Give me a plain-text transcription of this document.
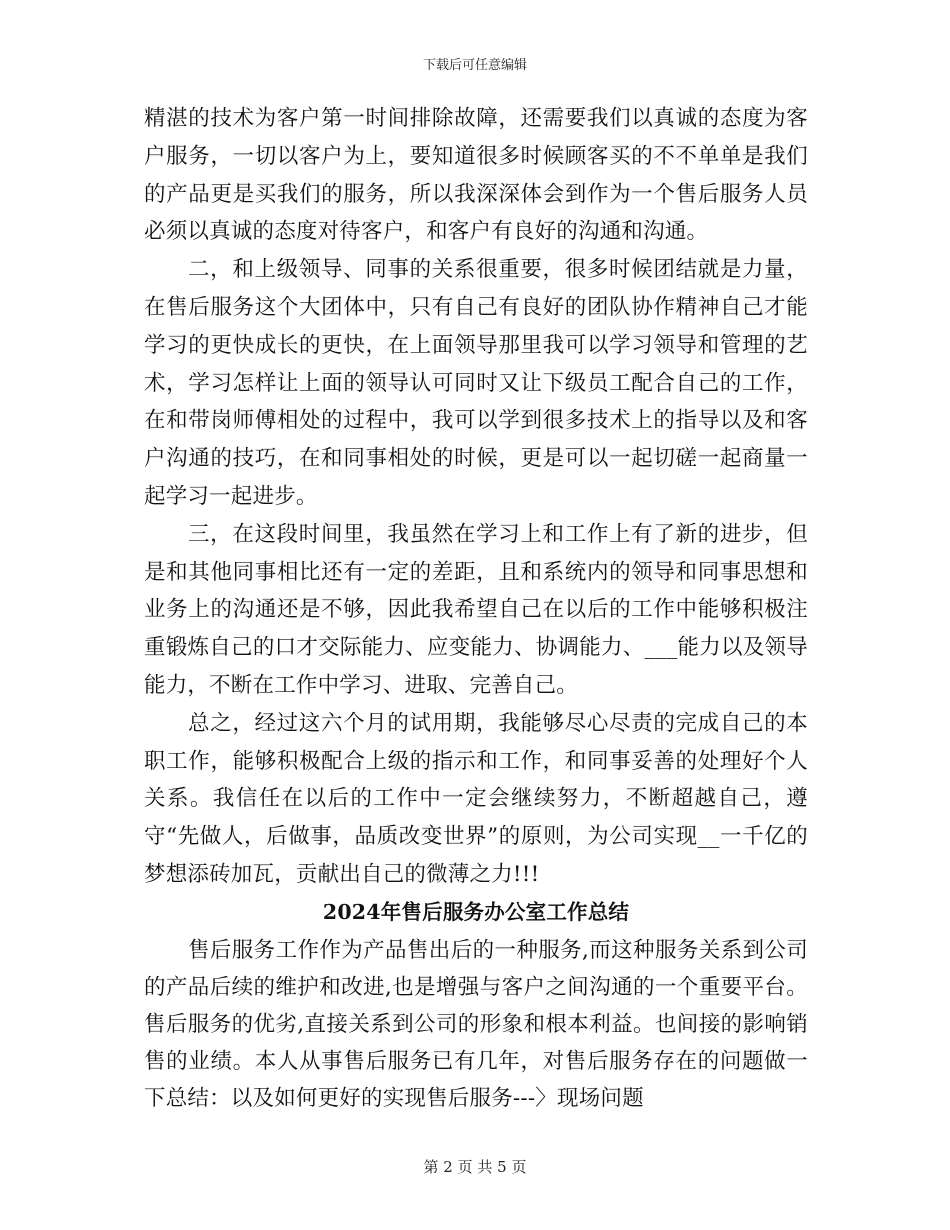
下载后可任意编辑

精湛的技术为客户第一时间排除故障，还需要我们以真诚的态度为客户服务，一切以客户为上，要知道很多时候顾客买的不不单单是我们的产品更是买我们的服务，所以我深深体会到作为一个售后服务人员必须以真诚的态度对待客户，和客户有良好的沟通和沟通。

二，和上级领导、同事的关系很重要，很多时候团结就是力量，在售后服务这个大团体中，只有自己有良好的团队协作精神自己才能学习的更快成长的更快，在上面领导那里我可以学习领导和管理的艺术，学习怎样让上面的领导认可同时又让下级员工配合自己的工作，在和带岗师傅相处的过程中，我可以学到很多技术上的指导以及和客户沟通的技巧，在和同事相处的时候，更是可以一起切磋一起商量一起学习一起进步。

三，在这段时间里，我虽然在学习上和工作上有了新的进步，但是和其他同事相比还有一定的差距，且和系统内的领导和同事思想和业务上的沟通还是不够，因此我希望自己在以后的工作中能够积极注重锻炼自己的口才交际能力、应变能力、协调能力、___能力以及领导能力，不断在工作中学习、进取、完善自己。

总之，经过这六个月的试用期，我能够尽心尽责的完成自己的本职工作，能够积极配合上级的指示和工作，和同事妥善的处理好个人关系。我信任在以后的工作中一定会继续努力，不断超越自己，遵守“先做人，后做事，品质改变世界”的原则，为公司实现__一千亿的梦想添砖加瓦，贡献出自己的微薄之力!!!

2024年售后服务办公室工作总结

售后服务工作作为产品售出后的一种服务,而这种服务关系到公司的产品后续的维护和改进,也是增强与客户之间沟通的一个重要平台。售后服务的优劣,直接关系到公司的形象和根本利益。也间接的影响销售的业绩。本人从事售后服务已有几年，对售后服务存在的问题做一下总结：以及如何更好的实现售后服务---〉现场问题

第 2 页 共 5 页
